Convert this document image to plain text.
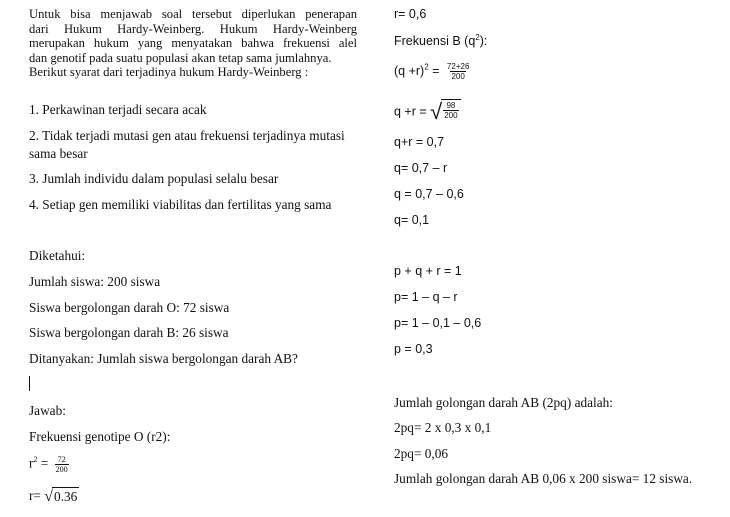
Untuk bisa menjawab soal tersebut diperlukan penerapan
dari Hukum Hardy-Weinberg. Hukum Hardy-Weinberg
merupakan hukum yang menyatakan bahwa frekuensi alel
dan genotif pada suatu populasi akan tetap sama jumlahnya.
Berikut syarat dari terjadinya hukum Hardy-Weinberg :
1. Perkawinan terjadi secara acak
2. Tidak terjadi mutasi gen atau frekuensi terjadinya mutasi
sama besar
3. Jumlah individu dalam populasi selalu besar
4. Setiap gen memiliki viabilitas dan fertilitas yang sama
Diketahui:
Jumlah siswa: 200 siswa
Siswa bergolongan darah O: 72 siswa
Siswa bergolongan darah B: 26 siswa
Ditanyakan: Jumlah siswa bergolongan darah AB?
Jawab:
Frekuensi genotipe O (r2):
$r^2 = \frac{72}{200}$
r= √ 0.36
r= 0,6
Frekuensi B $(q^2)$:
$(q +r)^2 = \frac{72+26}{200}$
q +r = √ $\frac{98}{200}$
q+r = 0,7
q= 0,7 – r
q = 0,7 – 0,6
q= 0,1
p + q + r = 1
p= 1 – q – r
p= 1 – 0,1 – 0,6
p = 0,3
Jumlah golongan darah AB (2pq) adalah:
2pq= 2 x 0,3 x 0,1
2pq= 0,06
Jumlah golongan darah AB 0,06 x 200 siswa= 12 siswa.
